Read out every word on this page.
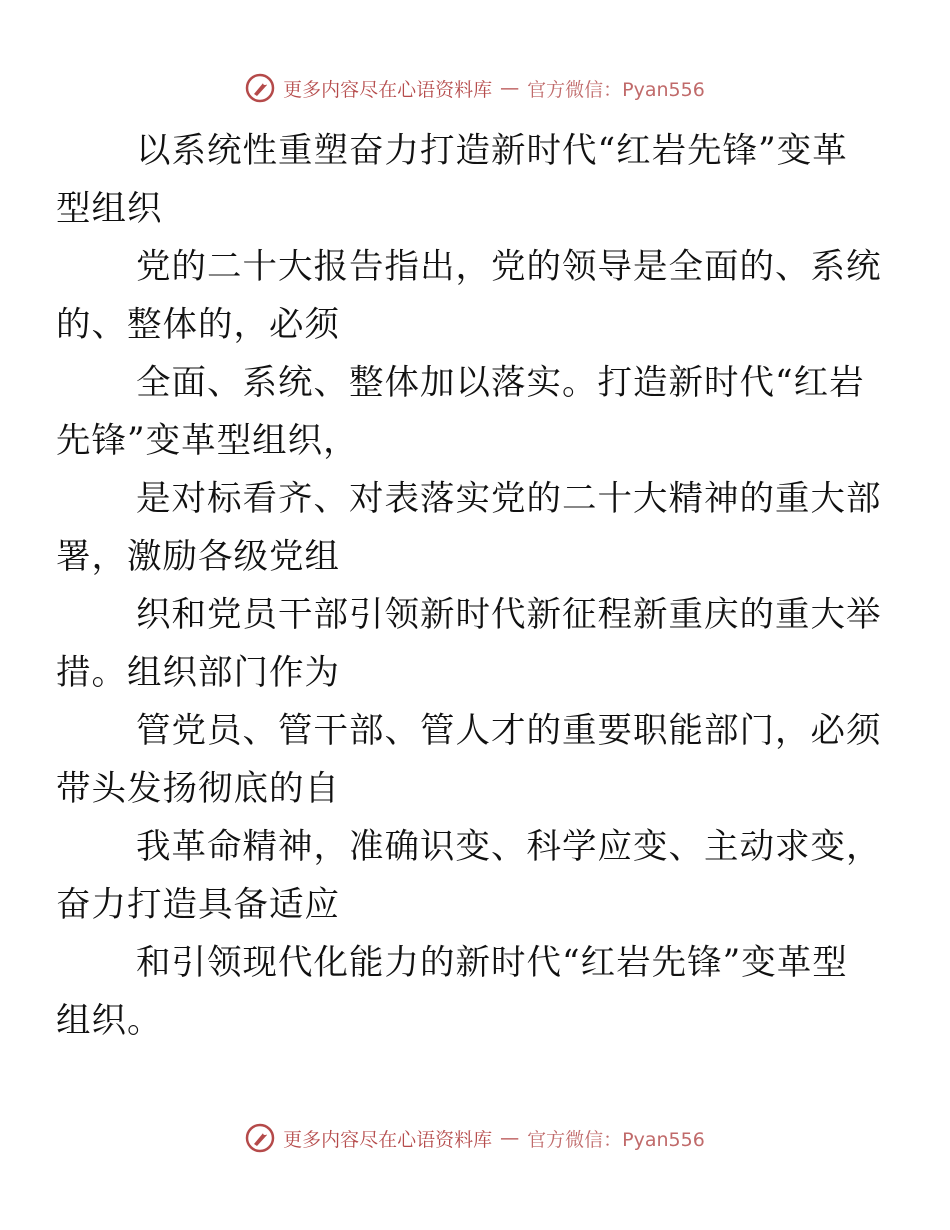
更多内容尽在心语资料库 — 官方微信：Pyan556

以系统性重塑奋力打造新时代“红岩先锋”变革
型组织

党的二十大报告指出，党的领导是全面的、系统
的、整体的，必须

全面、系统、整体加以落实。打造新时代“红岩
先锋”变革型组织，

是对标看齐、对表落实党的二十大精神的重大部
署，激励各级党组

织和党员干部引领新时代新征程新重庆的重大举
措。组织部门作为

管党员、管干部、管人才的重要职能部门，必须
带头发扬彻底的自

我革命精神，准确识变、科学应变、主动求变，
奋力打造具备适应

和引领现代化能力的新时代“红岩先锋”变革型
组织。

更多内容尽在心语资料库 — 官方微信：Pyan556
